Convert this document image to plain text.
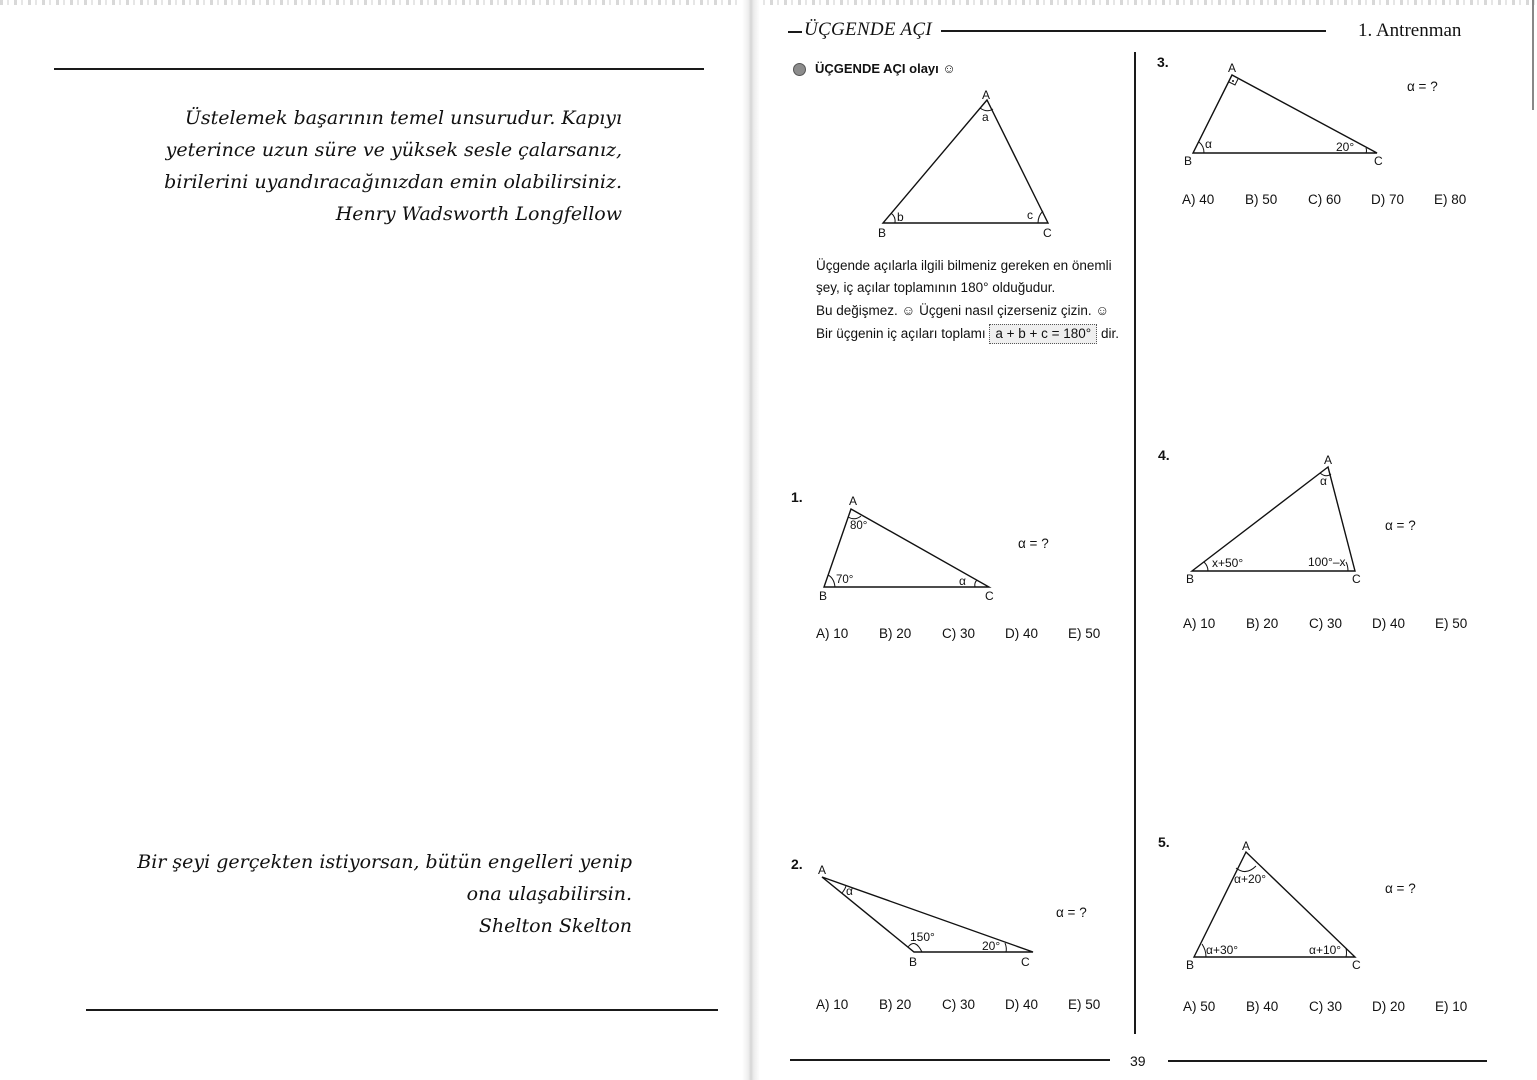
Üstelemek başarının temel unsurudur. Kapıyı
yeterince uzun süre ve yüksek sesle çalarsanız,
birilerini uyandıracağınızdan emin olabilirsiniz.
Henry Wadsworth Longfellow
Bir şeyi gerçekten istiyorsan, bütün engelleri yenip
ona ulaşabilirsin.
Shelton Skelton
ÜÇGENDE AÇI	1. Antrenman
ÜÇGENDE AÇI olayı ☺
A
a
b	c
B	C
Üçgende açılarla ilgili bilmeniz gereken en önemli
şey, iç açılar toplamının 180° olduğudur.
Bu değişmez. ☺ Üçgeni nasıl çizerseniz çizin. ☺
Bir üçgenin iç açıları toplamı a + b + c = 180° dir.
1.	A
80°
70°	α
B	C
α = ?
A) 10	B) 20	C) 30	D) 40	E) 50
2. A
α
150°
20°
B	C
α = ?
A) 10	B) 20	C) 30	D) 40	E) 50
3.	A
α	20°
B	C
α = ?
A) 40	B) 50	C) 60	D) 70	E) 80
4.	A
α
x+50°	100°–x
B	C
α = ?
A) 10	B) 20	C) 30	D) 40	E) 50
5.	A
α+20°
α+30°	α+10°
B	C
α = ?
A) 50	B) 40	C) 30	D) 20	E) 10
39
